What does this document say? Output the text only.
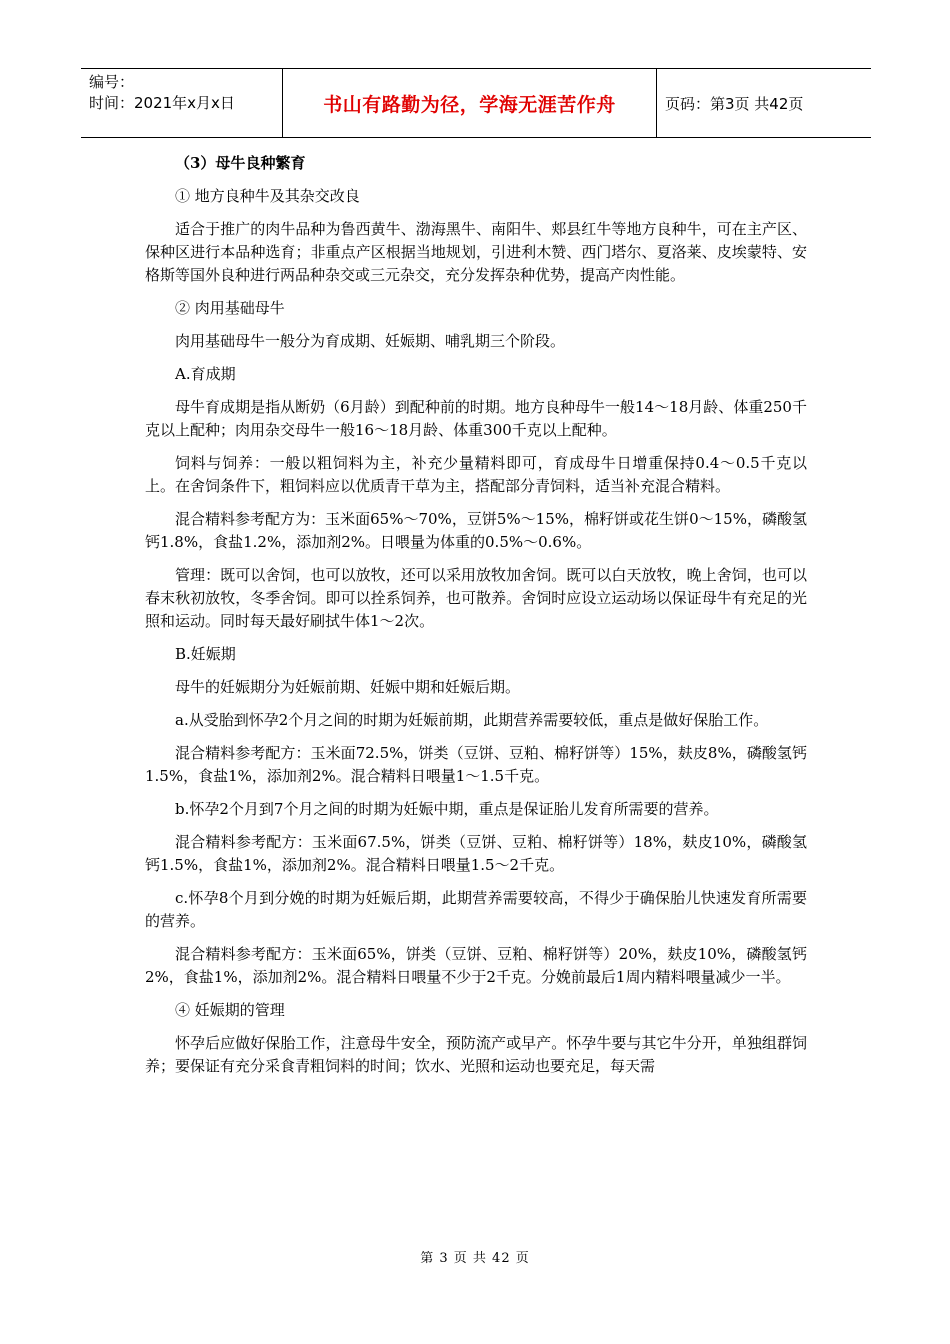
编号：
时间：2021年x月x日	书山有路勤为径，学海无涯苦作舟	页码：第3页 共42页

（3）母牛良种繁育

① 地方良种牛及其杂交改良

适合于推广的肉牛品种为鲁西黄牛、渤海黑牛、南阳牛、郏县红牛等地方良种牛，可在主产区、保种区进行本品种选育；非重点产区根据当地规划，引进利木赞、西门塔尔、夏洛莱、皮埃蒙特、安格斯等国外良种进行两品种杂交或三元杂交，充分发挥杂种优势，提高产肉性能。

② 肉用基础母牛

肉用基础母牛一般分为育成期、妊娠期、哺乳期三个阶段。

A.育成期

母牛育成期是指从断奶（6月龄）到配种前的时期。地方良种母牛一般14～18月龄、体重250千克以上配种；肉用杂交母牛一般16～18月龄、体重300千克以上配种。

饲料与饲养：一般以粗饲料为主，补充少量精料即可，育成母牛日增重保持0.4～0.5千克以上。在舍饲条件下，粗饲料应以优质青干草为主，搭配部分青饲料，适当补充混合精料。

混合精料参考配方为：玉米面65%～70%，豆饼5%～15%，棉籽饼或花生饼0～15%，磷酸氢钙1.8%，食盐1.2%，添加剂2%。日喂量为体重的0.5%～0.6%。

管理：既可以舍饲，也可以放牧，还可以采用放牧加舍饲。既可以白天放牧，晚上舍饲，也可以春末秋初放牧，冬季舍饲。即可以拴系饲养，也可散养。舍饲时应设立运动场以保证母牛有充足的光照和运动。同时每天最好刷拭牛体1～2次。

B.妊娠期

母牛的妊娠期分为妊娠前期、妊娠中期和妊娠后期。

a.从受胎到怀孕2个月之间的时期为妊娠前期，此期营养需要较低，重点是做好保胎工作。

混合精料参考配方：玉米面72.5%，饼类（豆饼、豆粕、棉籽饼等）15%，麸皮8%，磷酸氢钙1.5%，食盐1%，添加剂2%。混合精料日喂量1～1.5千克。

b.怀孕2个月到7个月之间的时期为妊娠中期，重点是保证胎儿发育所需要的营养。

混合精料参考配方：玉米面67.5%，饼类（豆饼、豆粕、棉籽饼等）18%，麸皮10%，磷酸氢钙1.5%，食盐1%，添加剂2%。混合精料日喂量1.5～2千克。

c.怀孕8个月到分娩的时期为妊娠后期，此期营养需要较高，不得少于确保胎儿快速发育所需要的营养。

混合精料参考配方：玉米面65%，饼类（豆饼、豆粕、棉籽饼等）20%，麸皮10%，磷酸氢钙2%，食盐1%，添加剂2%。混合精料日喂量不少于2千克。分娩前最后1周内精料喂量减少一半。

④ 妊娠期的管理

怀孕后应做好保胎工作，注意母牛安全，预防流产或早产。怀孕牛要与其它牛分开，单独组群饲养；要保证有充分采食青粗饲料的时间；饮水、光照和运动也要充足，每天需

第 3 页 共 42 页
